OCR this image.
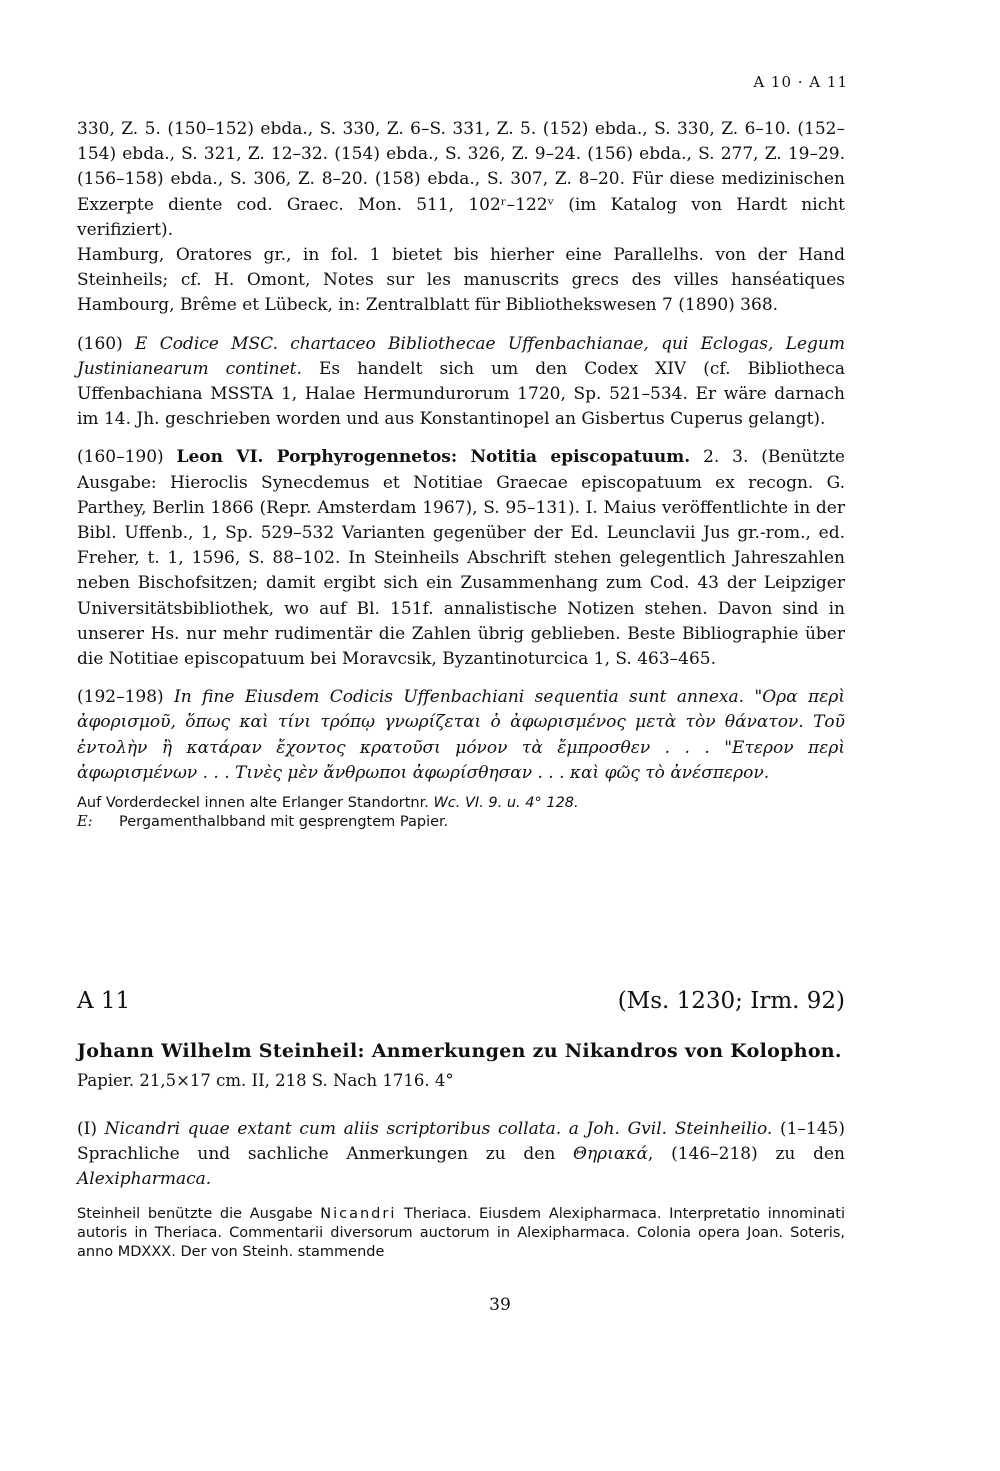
A 10 · A 11

330, Z. 5. (150–152) ebda., S. 330, Z. 6–S. 331, Z. 5. (152) ebda., S. 330, Z. 6–10. (152–154) ebda., S. 321, Z. 12–32. (154) ebda., S. 326, Z. 9–24. (156) ebda., S. 277, Z. 19–29. (156–158) ebda., S. 306, Z. 8–20. (158) ebda., S. 307, Z. 8–20. Für diese medizinischen Exzerpte diente cod. Graec. Mon. 511, 102ʳ–122ᵛ (im Katalog von Hardt nicht verifiziert).

Hamburg, Oratores gr., in fol. 1 bietet bis hierher eine Parallelhs. von der Hand Steinheils; cf. H. Omont, Notes sur les manuscrits grecs des villes hanséatiques Hambourg, Brême et Lübeck, in: Zentralblatt für Bibliothekswesen 7 (1890) 368.

(160) E Codice MSC. chartaceo Bibliothecae Uffenbachianae, qui Eclogas, Legum Justinianearum continet. Es handelt sich um den Codex XIV (cf. Bibliotheca Uffenbachiana MSSTA 1, Halae Hermundurorum 1720, Sp. 521–534. Er wäre darnach im 14. Jh. geschrieben worden und aus Konstantinopel an Gisbertus Cuperus gelangt).

(160–190) Leon VI. Porphyrogennetos: Notitia episcopatuum. 2. 3. (Benützte Ausgabe: Hieroclis Synecdemus et Notitiae Graecae episcopatuum ex recogn. G. Parthey, Berlin 1866 (Repr. Amsterdam 1967), S. 95–131). I. Maius veröffentlichte in der Bibl. Uffenb., 1, Sp. 529–532 Varianten gegenüber der Ed. Leunclavii Jus gr.-rom., ed. Freher, t. 1, 1596, S. 88–102. In Steinheils Abschrift stehen gelegentlich Jahreszahlen neben Bischofsitzen; damit ergibt sich ein Zusammenhang zum Cod. 43 der Leipziger Universitätsbibliothek, wo auf Bl. 151f. annalistische Notizen stehen. Davon sind in unserer Hs. nur mehr rudimentär die Zahlen übrig geblieben. Beste Bibliographie über die Notitiae episcopatuum bei Moravcsik, Byzantinoturcica 1, S. 463–465.

(192–198) In fine Eiusdem Codicis Uffenbachiani sequentia sunt annexa. "Ορα περὶ ἀφορισμοῦ, ὅπως καὶ τίνι τρόπῳ γνωρίζεται ὁ ἀφωρισμένος μετὰ τὸν θάνατον. Τοῦ ἐντολὴν ἢ κατάραν ἔχοντος κρατοῦσι μόνον τὰ ἔμπροσθεν . . . "Ετερον περὶ ἀφωρισμένων . . . Τινὲς μὲν ἄνθρωποι ἀφωρίσθησαν . . . καὶ φῶς τὸ ἀνέσπερον.

Auf Vorderdeckel innen alte Erlanger Standortnr. Wc. VI. 9. u. 4° 128.

E: Pergamenthalbband mit gesprengtem Papier.

A 11	(Ms. 1230; Irm. 92)
Johann Wilhelm Steinheil: Anmerkungen zu Nikandros von Kolophon.
Papier. 21,5×17 cm. II, 218 S. Nach 1716. 4°

(I) Nicandri quae extant cum aliis scriptoribus collata. a Joh. Gvil. Steinheilio. (1–145) Sprachliche und sachliche Anmerkungen zu den Θηριακά, (146–218) zu den Alexipharmaca.

Steinheil benützte die Ausgabe Nicandri Theriaca. Eiusdem Alexipharmaca. Interpretatio innominati autoris in Theriaca. Commentarii diversorum auctorum in Alexipharmaca. Colonia opera Joan. Soteris, anno MDXXX. Der von Steinh. stammende

39
